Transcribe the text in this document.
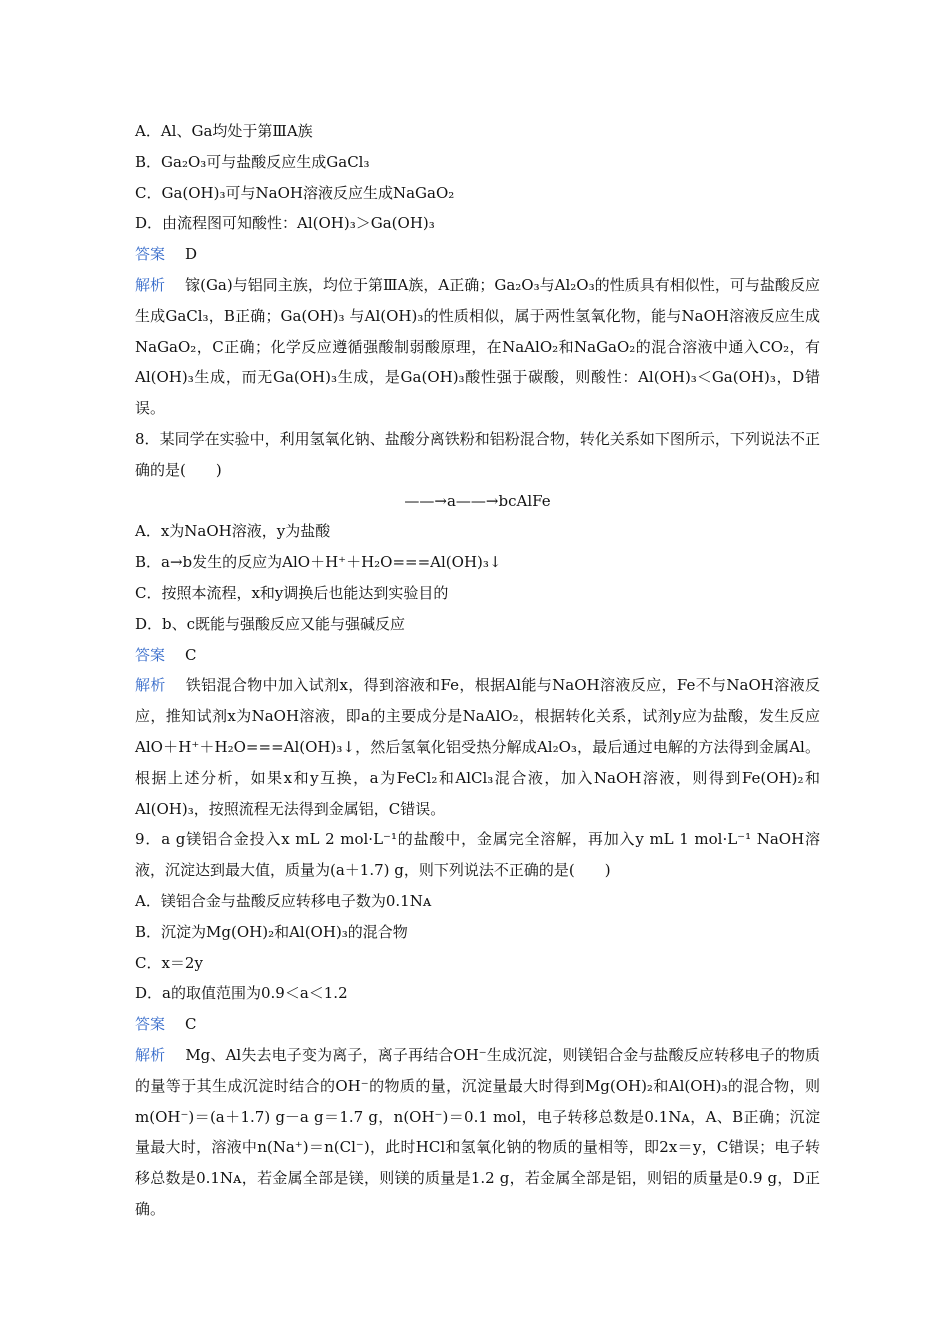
A．Al、Ga均处于第ⅢA族
B．Ga₂O₃可与盐酸反应生成GaCl₃
C．Ga(OH)₃可与NaOH溶液反应生成NaGaO₂
D．由流程图可知酸性：Al(OH)₃＞Ga(OH)₃
答案 D
解析 镓(Ga)与铝同主族，均位于第ⅢA族，A正确；Ga₂O₃与Al₂O₃的性质具有相似性，可与盐酸反应生成GaCl₃，B正确；Ga(OH)₃ 与Al(OH)₃的性质相似，属于两性氢氧化物，能与NaOH溶液反应生成NaGaO₂，C正确；化学反应遵循强酸制弱酸原理，在NaAlO₂和NaGaO₂的混合溶液中通入CO₂，有Al(OH)₃生成，而无Ga(OH)₃生成，是Ga(OH)₃酸性强于碳酸，则酸性：Al(OH)₃＜Ga(OH)₃，D错误。
8．某同学在实验中，利用氢氧化钠、盐酸分离铁粉和铝粉混合物，转化关系如下图所示，下列说法不正确的是(　　)
——→a——→bcAlFe
A．x为NaOH溶液，y为盐酸
B．a→b发生的反应为AlO＋H⁺＋H₂O===Al(OH)₃↓
C．按照本流程，x和y调换后也能达到实验目的
D．b、c既能与强酸反应又能与强碱反应
答案 C
解析 铁铝混合物中加入试剂x，得到溶液和Fe，根据Al能与NaOH溶液反应，Fe不与NaOH溶液反应，推知试剂x为NaOH溶液，即a的主要成分是NaAlO₂，根据转化关系，试剂y应为盐酸，发生反应AlO＋H⁺＋H₂O===Al(OH)₃↓，然后氢氧化铝受热分解成Al₂O₃，最后通过电解的方法得到金属Al。根据上述分析，如果x和y互换，a为FeCl₂和AlCl₃混合液，加入NaOH溶液，则得到Fe(OH)₂和Al(OH)₃，按照流程无法得到金属铝，C错误。
9．a g镁铝合金投入x mL 2 mol·L⁻¹的盐酸中，金属完全溶解，再加入y mL 1 mol·L⁻¹ NaOH溶液，沉淀达到最大值，质量为(a＋1.7) g，则下列说法不正确的是(　　)
A．镁铝合金与盐酸反应转移电子数为0.1Nᴀ
B．沉淀为Mg(OH)₂和Al(OH)₃的混合物
C．x＝2y
D．a的取值范围为0.9＜a＜1.2
答案 C
解析 Mg、Al失去电子变为离子，离子再结合OH⁻生成沉淀，则镁铝合金与盐酸反应转移电子的物质的量等于其生成沉淀时结合的OH⁻的物质的量，沉淀量最大时得到Mg(OH)₂和Al(OH)₃的混合物，则m(OH⁻)＝(a＋1.7) g－a g＝1.7 g，n(OH⁻)＝0.1 mol，电子转移总数是0.1Nᴀ，A、B正确；沉淀量最大时，溶液中n(Na⁺)＝n(Cl⁻)，此时HCl和氢氧化钠的物质的量相等，即2x＝y，C错误；电子转移总数是0.1Nᴀ，若金属全部是镁，则镁的质量是1.2 g，若金属全部是铝，则铝的质量是0.9 g，D正确。
